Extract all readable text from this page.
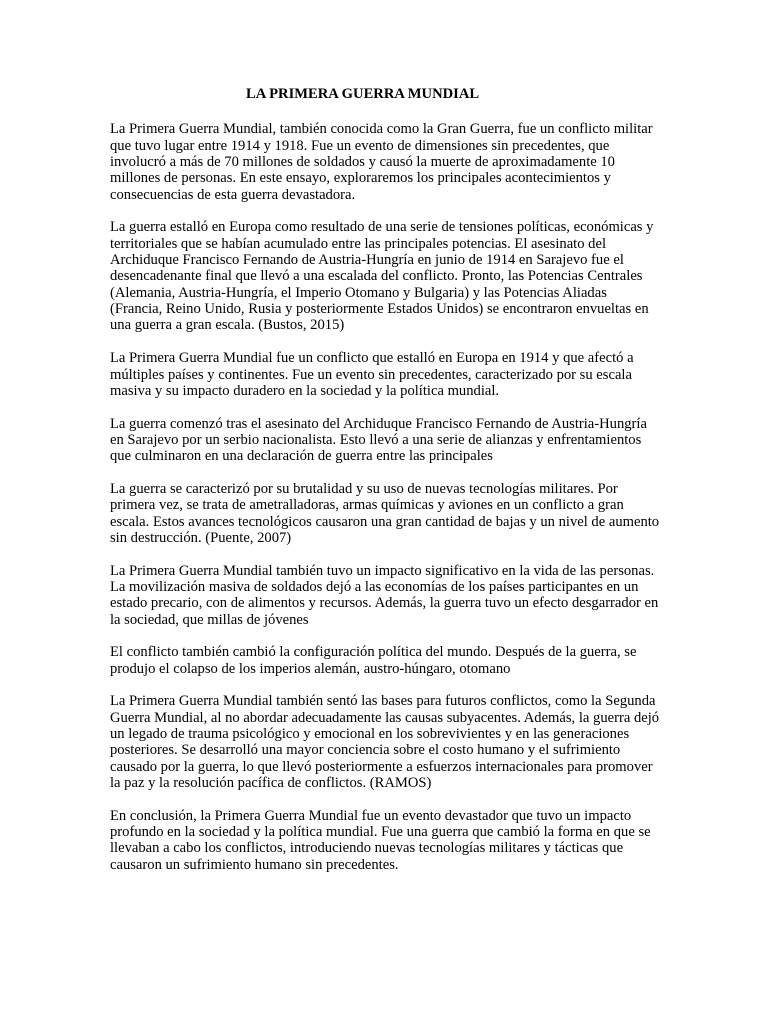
LA PRIMERA GUERRA MUNDIAL

La Primera Guerra Mundial, también conocida como la Gran Guerra, fue un conflicto militar que tuvo lugar entre 1914 y 1918. Fue un evento de dimensiones sin precedentes, que involucró a más de 70 millones de soldados y causó la muerte de aproximadamente 10 millones de personas. En este ensayo, exploraremos los principales acontecimientos y consecuencias de esta guerra devastadora.

La guerra estalló en Europa como resultado de una serie de tensiones políticas, económicas y territoriales que se habían acumulado entre las principales potencias. El asesinato del Archiduque Francisco Fernando de Austria-Hungría en junio de 1914 en Sarajevo fue el desencadenante final que llevó a una escalada del conflicto. Pronto, las Potencias Centrales (Alemania, Austria-Hungría, el Imperio Otomano y Bulgaria) y las Potencias Aliadas (Francia, Reino Unido, Rusia y posteriormente Estados Unidos) se encontraron envueltas en una guerra a gran escala. (Bustos, 2015)

La Primera Guerra Mundial fue un conflicto que estalló en Europa en 1914 y que afectó a múltiples países y continentes. Fue un evento sin precedentes, caracterizado por su escala masiva y su impacto duradero en la sociedad y la política mundial.

La guerra comenzó tras el asesinato del Archiduque Francisco Fernando de Austria-Hungría en Sarajevo por un serbio nacionalista. Esto llevó a una serie de alianzas y enfrentamientos que culminaron en una declaración de guerra entre las principales

La guerra se caracterizó por su brutalidad y su uso de nuevas tecnologías militares. Por primera vez, se trata de ametralladoras, armas químicas y aviones en un conflicto a gran escala. Estos avances tecnológicos causaron una gran cantidad de bajas y un nivel de aumento sin destrucción. (Puente, 2007)

La Primera Guerra Mundial también tuvo un impacto significativo en la vida de las personas. La movilización masiva de soldados dejó a las economías de los países participantes en un estado precario, con de alimentos y recursos. Además, la guerra tuvo un efecto desgarrador en la sociedad, que millas de jóvenes

El conflicto también cambió la configuración política del mundo. Después de la guerra, se produjo el colapso de los imperios alemán, austro-húngaro, otomano

La Primera Guerra Mundial también sentó las bases para futuros conflictos, como la Segunda Guerra Mundial, al no abordar adecuadamente las causas subyacentes. Además, la guerra dejó un legado de trauma psicológico y emocional en los sobrevivientes y en las generaciones posteriores. Se desarrolló una mayor conciencia sobre el costo humano y el sufrimiento causado por la guerra, lo que llevó posteriormente a esfuerzos internacionales para promover la paz y la resolución pacífica de conflictos. (RAMOS)

En conclusión, la Primera Guerra Mundial fue un evento devastador que tuvo un impacto profundo en la sociedad y la política mundial. Fue una guerra que cambió la forma en que se llevaban a cabo los conflictos, introduciendo nuevas tecnologías militares y tácticas que causaron un sufrimiento humano sin precedentes.
